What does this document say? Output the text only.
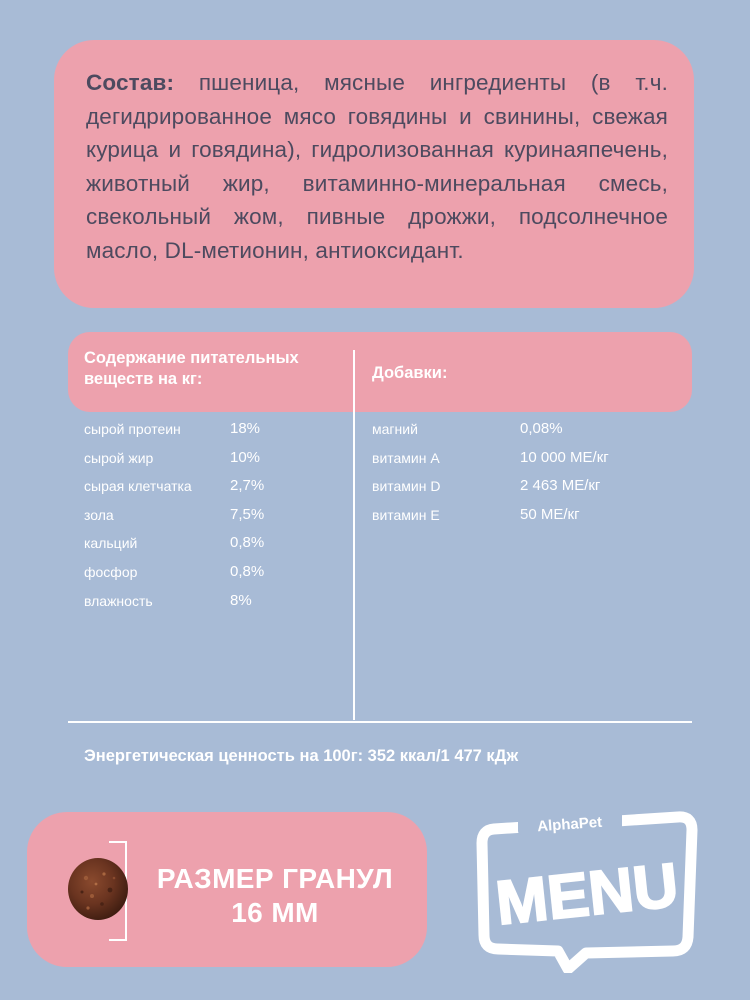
Состав: пшеница, мясные ингредиенты (в т.ч. дегидрированное мясо говядины и свинины, свежая курица и говядина), гидролизованная куринаяпечень, животный жир, витаминно-минеральная смесь, свекольный жом, пивные дрожжи, подсолнечное масло, DL-метионин, антиоксидант.
Содержание питательных
веществ на кг:	Добавки:
сырой протеин	18%
сырой жир	10%
сырая клетчатка	2,7%
зола	7,5%
кальций	0,8%
фосфор	0,8%
влажность	8%
магний	0,08%
витамин А	10 000 МЕ/кг
витамин D	2 463 МЕ/кг
витамин Е	50 МЕ/кг
Энергетическая ценность на 100г: 352 ккал/1 477 кДж
РАЗМЕР ГРАНУЛ
16 ММ
AlphaPet
MENU
